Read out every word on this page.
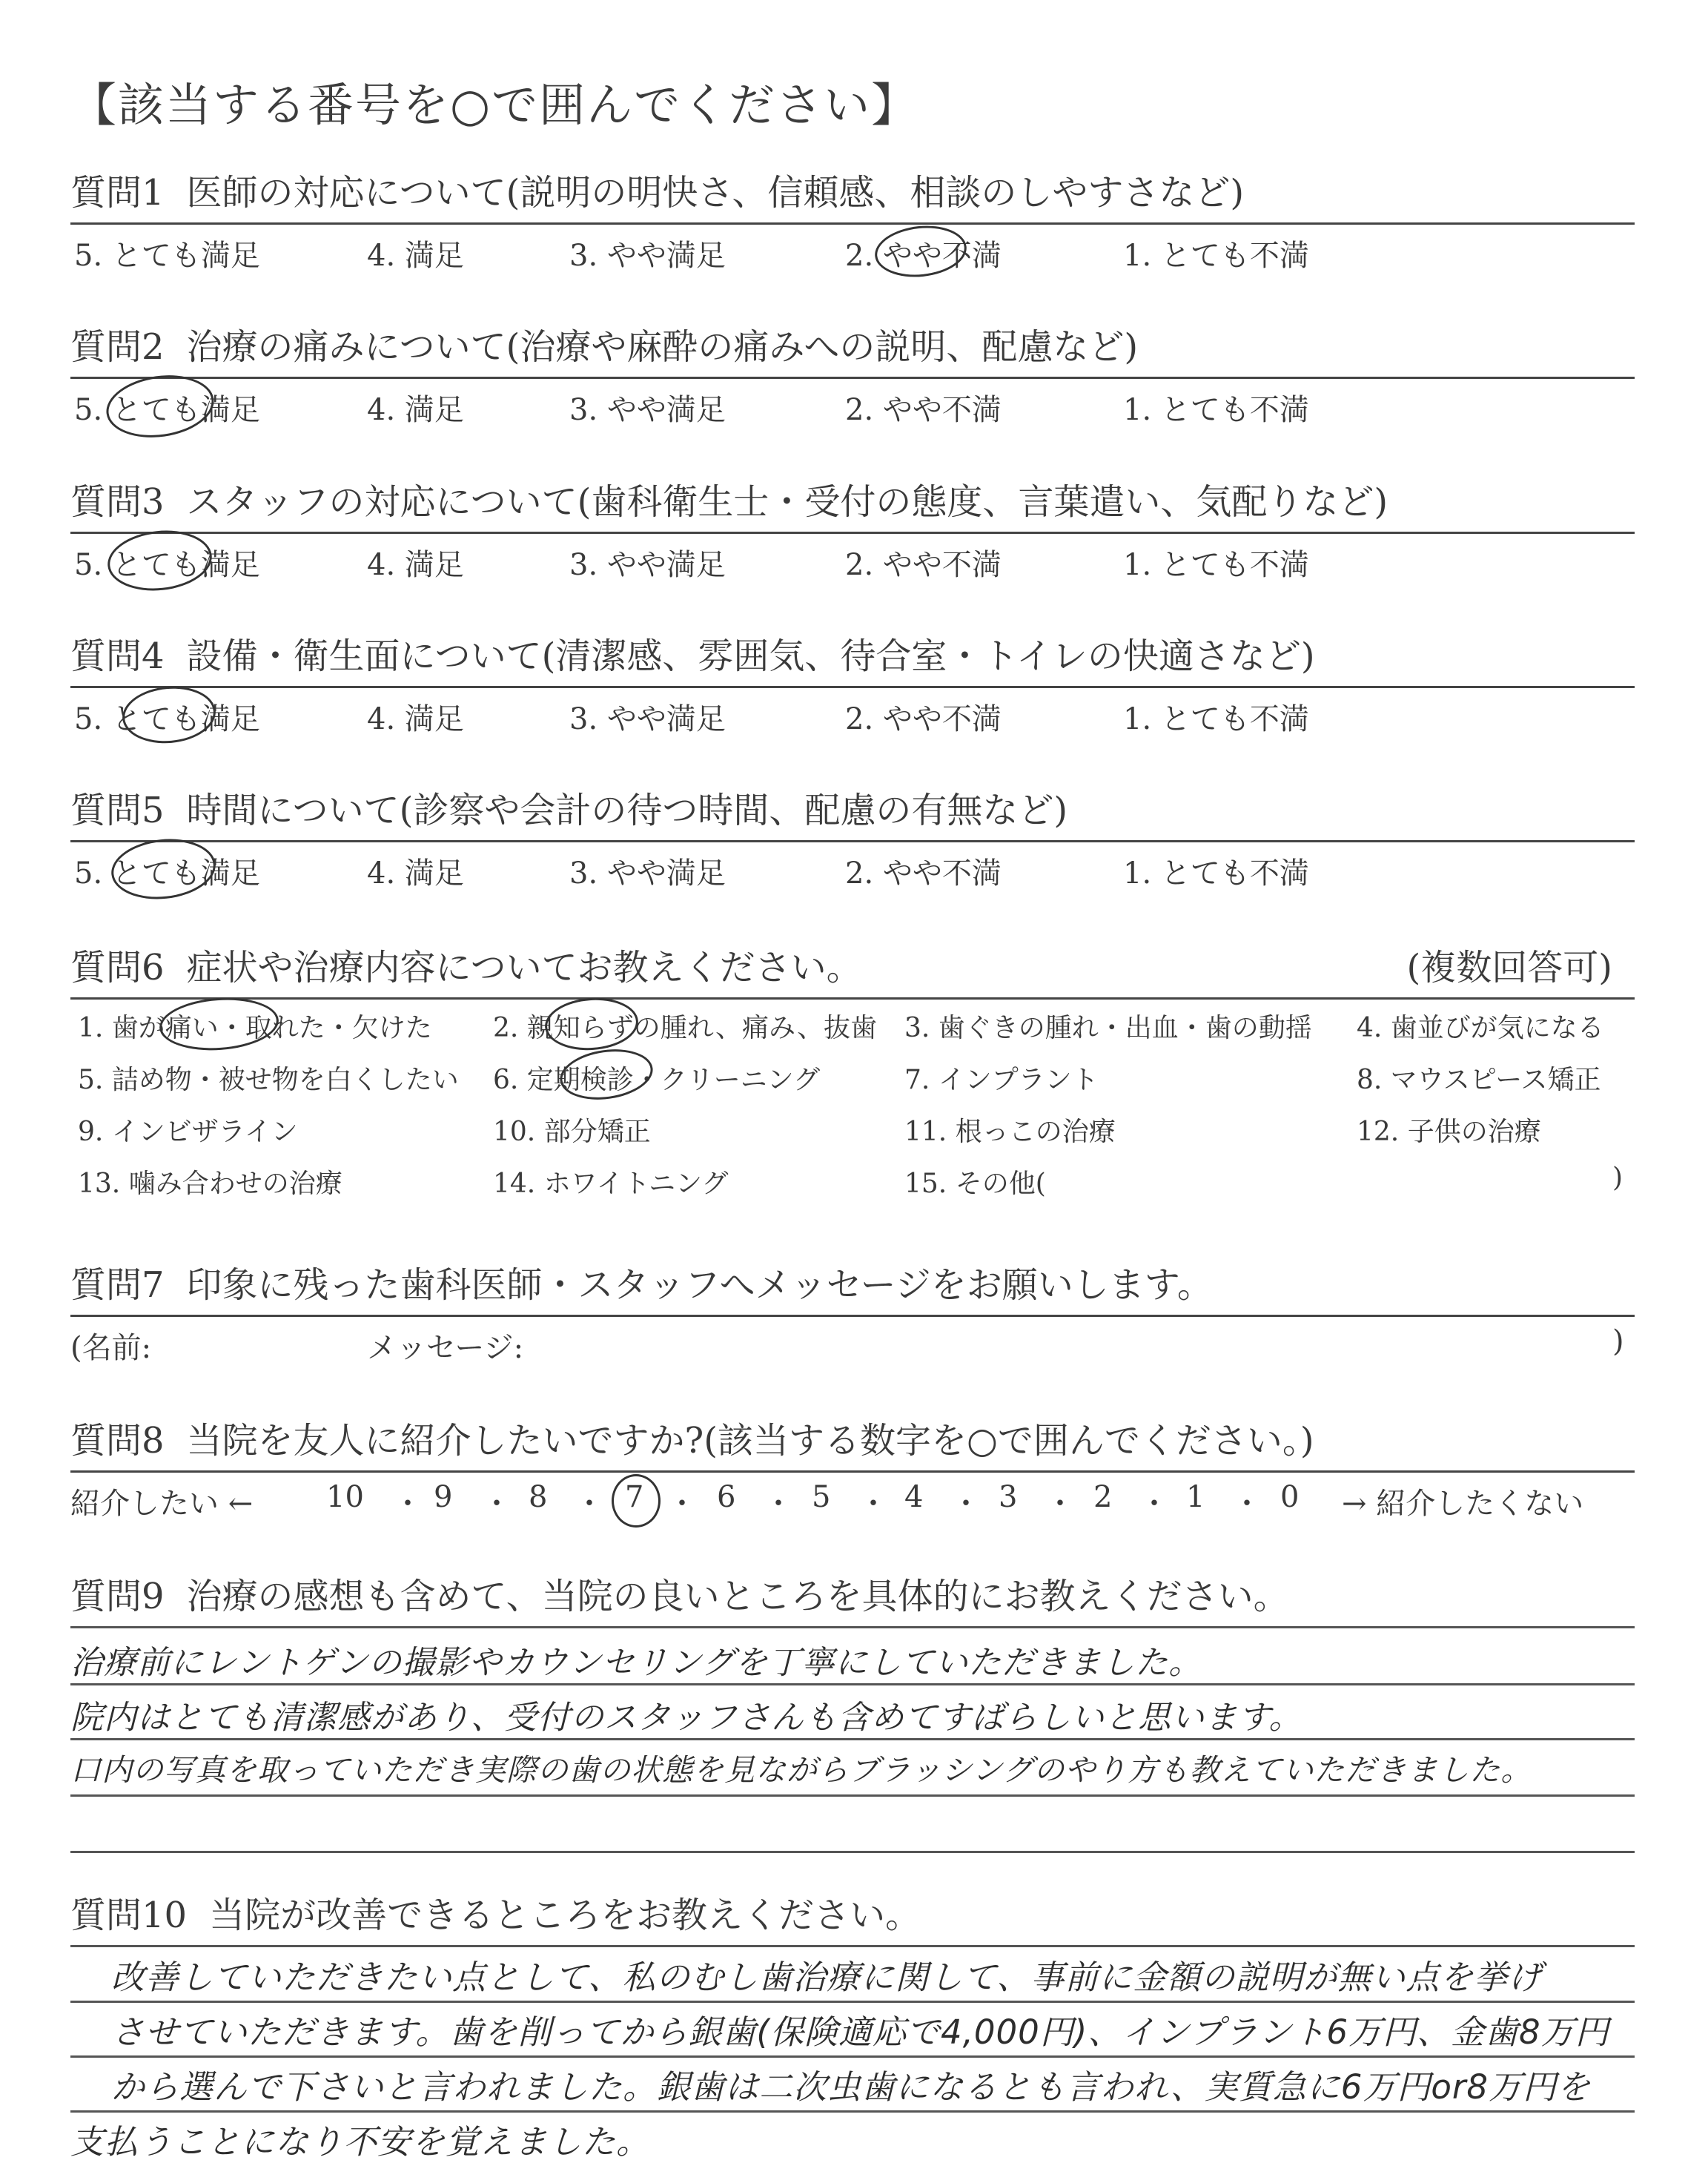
【該当する番号を○で囲んでください】
質問1 医師の対応について(説明の明快さ、信頼感、相談のしやすさなど)
5. とても満足	4. 満足	3. やや満足	2. やや不満	1. とても不満
質問2 治療の痛みについて(治療や麻酔の痛みへの説明、配慮など)
5. とても満足	4. 満足	3. やや満足	2. やや不満	1. とても不満
質問3 スタッフの対応について(歯科衛生士・受付の態度、言葉遣い、気配りなど)
5. とても満足	4. 満足	3. やや満足	2. やや不満	1. とても不満
質問4 設備・衛生面について(清潔感、雰囲気、待合室・トイレの快適さなど)
5. とても満足	4. 満足	3. やや満足	2. やや不満	1. とても不満
質問5 時間について(診察や会計の待つ時間、配慮の有無など)
5. とても満足	4. 満足	3. やや満足	2. やや不満	1. とても不満
質問6 症状や治療内容についてお教えください。	(複数回答可)
1. 歯が痛い・取れた・欠けた 2. 親知らずの腫れ、痛み、抜歯 3. 歯ぐきの腫れ・出血・歯の動揺 4. 歯並びが気になる
5. 詰め物・被せ物を白くしたい 6. 定期検診・クリーニング	7. インプラント	8. マウスピース矯正
9. インビザライン	10. 部分矯正	11. 根っこの治療	12. 子供の治療
13. 噛み合わせの治療	14. ホワイトニング	15. その他(	)
質問7 印象に残った歯科医師・スタッフへメッセージをお願いします。
(名前:	メッセージ:	)
質問8 当院を友人に紹介したいですか?(該当する数字を○で囲んでください。)
紹介したい ← 10 ・ 9 ・ 8 ・ 7 ・ 6 ・ 5 ・ 4 ・ 3 ・ 2 ・ 1 ・ 0 → 紹介したくない
質問9 治療の感想も含めて、当院の良いところを具体的にお教えください。
治療前にレントゲンの撮影やカウンセリングを丁寧にしていただきました。
院内はとても清潔感があり、受付のスタッフさんも含めてすばらしいと思います。
口内の写真を取っていただき実際の歯の状態を見ながらブラッシングのやり方も教えていただきました。
質問10 当院が改善できるところをお教えください。
改善していただきたい点として、私のむし歯治療に関して、事前に金額の説明が無い点を挙げ
させていただきます。歯を削ってから銀歯(保険適応で4,000円)、インプラント6万円、金歯8万円
から選んで下さいと言われました。銀歯は二次虫歯になるとも言われ、実質急に6万円or8万円を
支払うことになり不安を覚えました。
